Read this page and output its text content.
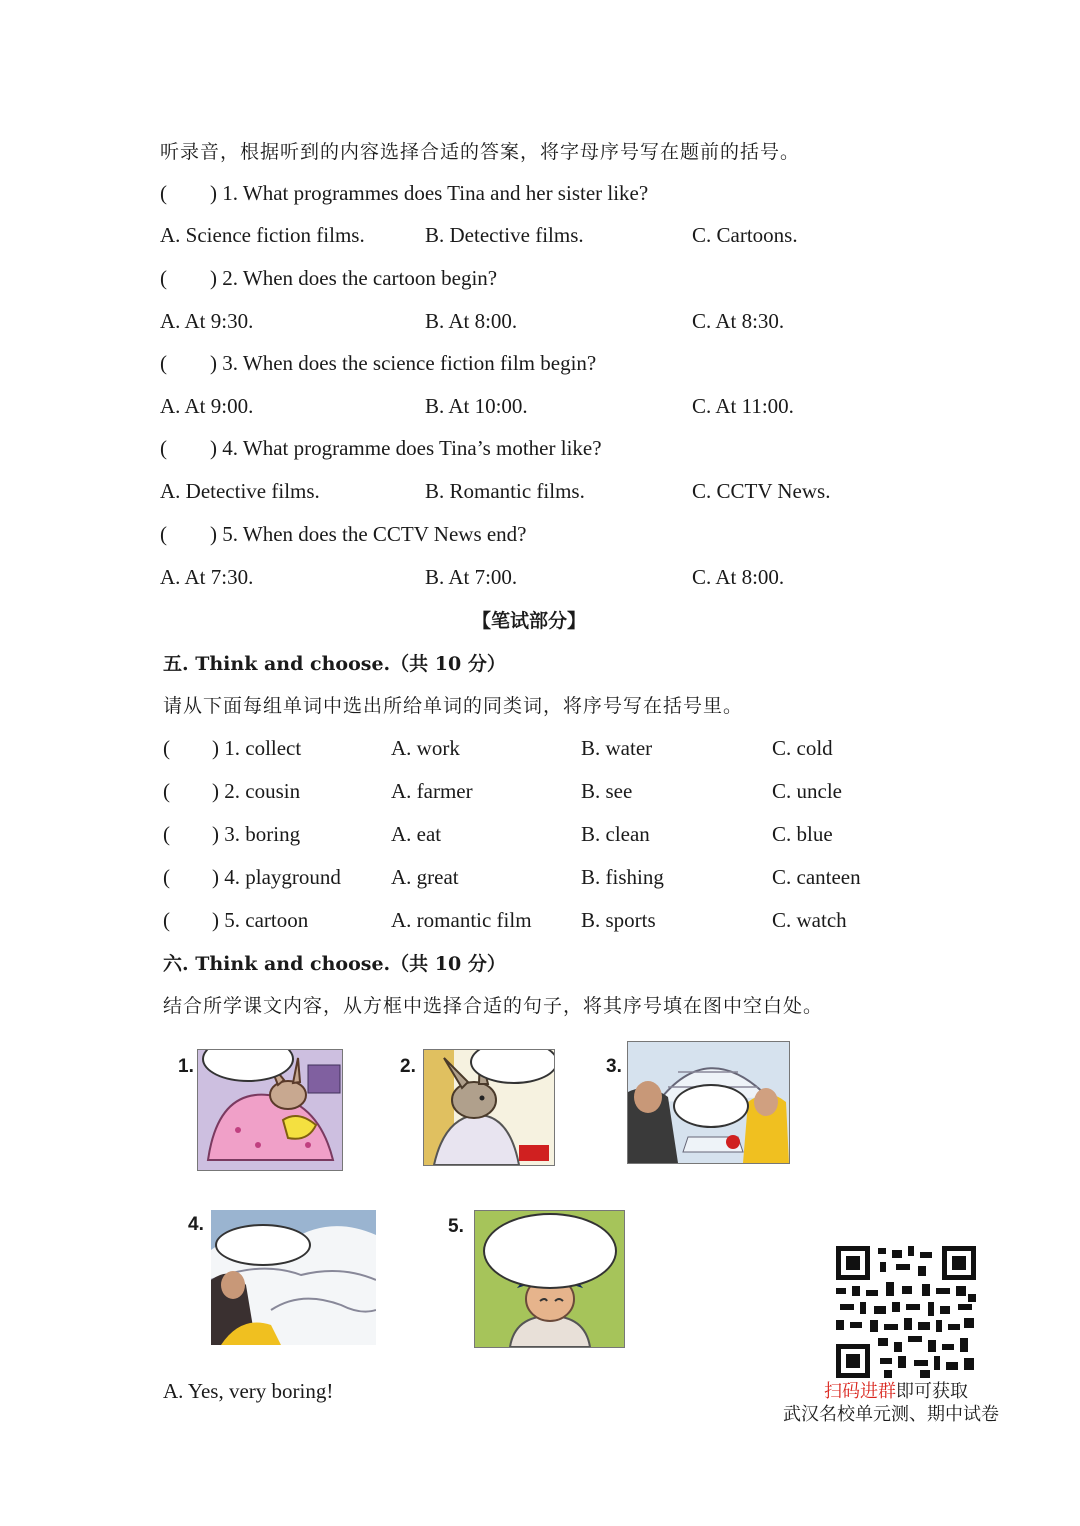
听录音，根据听到的内容选择合适的答案，将字母序号写在题前的括号。
( ) 1. What programmes does Tina and her sister like?
A. Science fiction films.	B. Detective films.	C. Cartoons.
( ) 2. When does the cartoon begin?
A. At 9:30.	B. At 8:00.	C. At 8:30.
( ) 3. When does the science fiction film begin?
A. At 9:00.	B. At 10:00.	C. At 11:00.
( ) 4. What programme does Tina’s mother like?
A. Detective films.	B. Romantic films.	C. CCTV News.
( ) 5. When does the CCTV News end?
A. At 7:30.	B. At 7:00.	C. At 8:00.
【笔试部分】
五. Think and choose.（共 10 分）
请从下面每组单词中选出所给单词的同类词，将序号写在括号里。
( ) 1. collect	A. work	B. water	C. cold
( ) 2. cousin	A. farmer	B. see	C. uncle
( ) 3. boring	A. eat	B. clean	C. blue
( ) 4. playground A. great	B. fishing	C. canteen
( ) 5. cartoon	A. romantic film B. sports	C. watch
六. Think and choose.（共 10 分）
结合所学课文内容，从方框中选择合适的句子，将其序号填在图中空白处。
1.	2.	3.
4.	5.
A. Yes, very boring!	扫码进群即可获取
武汉名校单元测、期中试卷
